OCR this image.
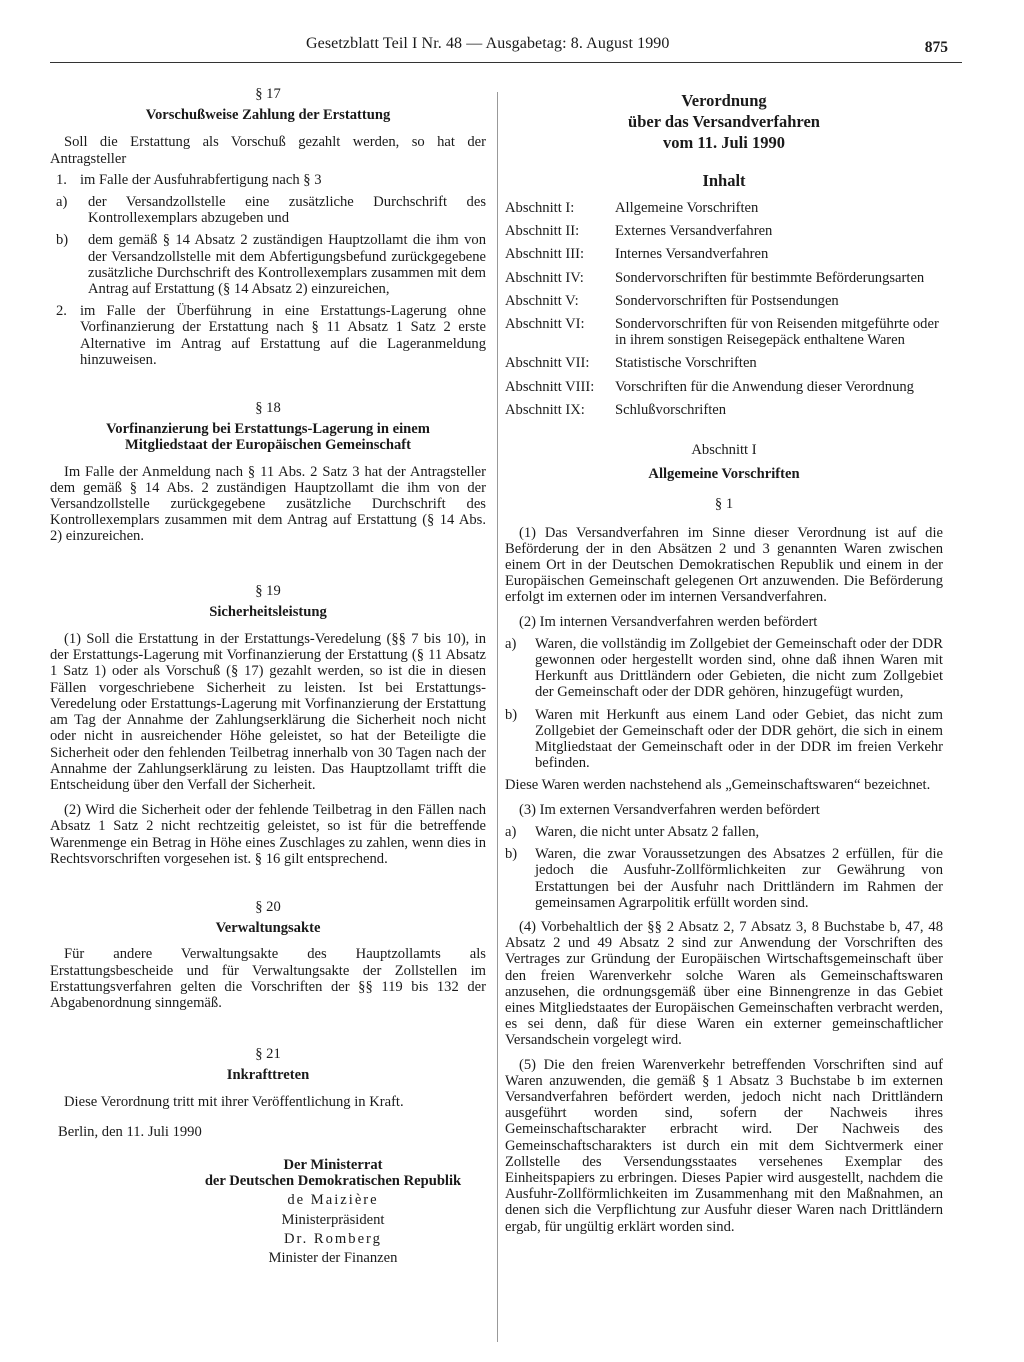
Gesetzblatt Teil I Nr. 48 — Ausgabetag: 8. August 1990	875

§ 17

Vorschußweise Zahlung der Erstattung

Soll die Erstattung als Vorschuß gezahlt werden, so hat der Antragsteller

1. im Falle der Ausfuhrabfertigung nach § 3
a)	der Versandzollstelle eine zusätzliche Durchschrift des Kontrollexemplars abzugeben und
b)	dem gemäß § 14 Absatz 2 zuständigen Hauptzollamt die ihm von der Versandzollstelle mit dem Abfertigungsbefund zurückgegebene zusätzliche Durchschrift des Kontrollexemplars zusammen mit dem Antrag auf Erstattung (§ 14 Absatz 2) einzureichen,
2. im Falle der Überführung in eine Erstattungs-Lagerung ohne Vorfinanzierung der Erstattung nach § 11 Absatz 1 Satz 2 erste Alternative im Antrag auf Erstattung auf die Lageranmeldung hinzuweisen.

§ 18

Vorfinanzierung bei Erstattungs-Lagerung in einem

Mitgliedstaat der Europäischen Gemeinschaft

Im Falle der Anmeldung nach § 11 Abs. 2 Satz 3 hat der Antragsteller dem gemäß § 14 Abs. 2 zuständigen Hauptzollamt die ihm von der Versandzollstelle zurückgegebene zusätzliche Durchschrift des Kontrollexemplars zusammen mit dem Antrag auf Erstattung (§ 14 Abs. 2) einzureichen.

§ 19

Sicherheitsleistung

(1) Soll die Erstattung in der Erstattungs-Veredelung (§§ 7 bis 10), in der Erstattungs-Lagerung mit Vorfinanzierung der Erstattung (§ 11 Absatz 1 Satz 1) oder als Vorschuß (§ 17) gezahlt werden, so ist die in diesen Fällen vorgeschriebene Sicherheit zu leisten. Ist bei Erstattungs-Veredelung oder Erstattungs-Lagerung mit Vorfinanzierung der Erstattung am Tag der Annahme der Zahlungserklärung die Sicherheit noch nicht oder nicht in ausreichender Höhe geleistet, so hat der Beteiligte die Sicherheit oder den fehlenden Teilbetrag innerhalb von 30 Tagen nach der Annahme der Zahlungserklärung zu leisten. Das Hauptzollamt trifft die Entscheidung über den Verfall der Sicherheit.

(2) Wird die Sicherheit oder der fehlende Teilbetrag in den Fällen nach Absatz 1 Satz 2 nicht rechtzeitig geleistet, so ist für die betreffende Warenmenge ein Betrag in Höhe eines Zuschlages zu zahlen, wenn dies in Rechtsvorschriften vorgesehen ist. § 16 gilt entsprechend.

§ 20

Verwaltungsakte

Für andere Verwaltungsakte des Hauptzollamts als Erstattungsbescheide und für Verwaltungsakte der Zollstellen im Erstattungsverfahren gelten die Vorschriften der §§ 119 bis 132 der Abgabenordnung sinngemäß.

§ 21

Inkrafttreten

Diese Verordnung tritt mit ihrer Veröffentlichung in Kraft.

Berlin, den 11. Juli 1990

Der Ministerrat

der Deutschen Demokratischen Republik

de Maizière

Ministerpräsident

Dr. Romberg

Minister der Finanzen

Verordnung

über das Versandverfahren

vom 11. Juli 1990

Inhalt

Abschnitt I:	Allgemeine Vorschriften
Abschnitt II:	Externes Versandverfahren
Abschnitt III:	Internes Versandverfahren
Abschnitt IV:	Sondervorschriften für bestimmte Beförderungsarten
Abschnitt V:	Sondervorschriften für Postsendungen
Abschnitt VI:	Sondervorschriften für von Reisenden mitgeführte oder in ihrem sonstigen Reisegepäck enthaltene Waren
Abschnitt VII:	Statistische Vorschriften
Abschnitt VIII:	Vorschriften für die Anwendung dieser Verordnung
Abschnitt IX:	Schlußvorschriften

Abschnitt I

Allgemeine Vorschriften

§ 1

(1) Das Versandverfahren im Sinne dieser Verordnung ist auf die Beförderung der in den Absätzen 2 und 3 genannten Waren zwischen einem Ort in der Deutschen Demokratischen Republik und einem in der Europäischen Gemeinschaft gelegenen Ort anzuwenden. Die Beförderung erfolgt im externen oder im internen Versandverfahren.

(2) Im internen Versandverfahren werden befördert

a)	Waren, die vollständig im Zollgebiet der Gemeinschaft oder der DDR gewonnen oder hergestellt worden sind, ohne daß ihnen Waren mit Herkunft aus Drittländern oder Gebieten, die nicht zum Zollgebiet der Gemeinschaft oder der DDR gehören, hinzugefügt wurden,
b)	Waren mit Herkunft aus einem Land oder Gebiet, das nicht zum Zollgebiet der Gemeinschaft oder der DDR gehört, die sich in einem Mitgliedstaat der Gemeinschaft oder in der DDR im freien Verkehr befinden.

Diese Waren werden nachstehend als „Gemeinschaftswaren“ bezeichnet.

(3) Im externen Versandverfahren werden befördert

a)	Waren, die nicht unter Absatz 2 fallen,
b)	Waren, die zwar Voraussetzungen des Absatzes 2 erfüllen, für die jedoch die Ausfuhr-Zollförmlichkeiten zur Gewährung von Erstattungen bei der Ausfuhr nach Drittländern im Rahmen der gemeinsamen Agrarpolitik erfüllt worden sind.

(4) Vorbehaltlich der §§ 2 Absatz 2, 7 Absatz 3, 8 Buchstabe b, 47, 48 Absatz 2 und 49 Absatz 2 sind zur Anwendung der Vorschriften des Vertrages zur Gründung der Europäischen Wirtschaftsgemeinschaft über den freien Warenverkehr solche Waren als Gemeinschaftswaren anzusehen, die ordnungsgemäß über eine Binnengrenze in das Gebiet eines Mitgliedstaates der Europäischen Gemeinschaften verbracht werden, es sei denn, daß für diese Waren ein externer gemeinschaftlicher Versandschein vorgelegt wird.

(5) Die den freien Warenverkehr betreffenden Vorschriften sind auf Waren anzuwenden, die gemäß § 1 Absatz 3 Buchstabe b im externen Versandverfahren befördert werden, jedoch nicht nach Drittländern ausgeführt worden sind, sofern der Nachweis ihres Gemeinschaftscharakter erbracht wird. Der Nachweis des Gemeinschaftscharakters ist durch ein mit dem Sichtvermerk einer Zollstelle des Versendungsstaates versehenes Exemplar des Einheitspapiers zu erbringen. Dieses Papier wird ausgestellt, nachdem die Ausfuhr-Zollförmlichkeiten im Zusammenhang mit den Maßnahmen, an denen sich die Verpflichtung zur Ausfuhr dieser Waren nach Drittländern ergab, für ungültig erklärt worden sind.
